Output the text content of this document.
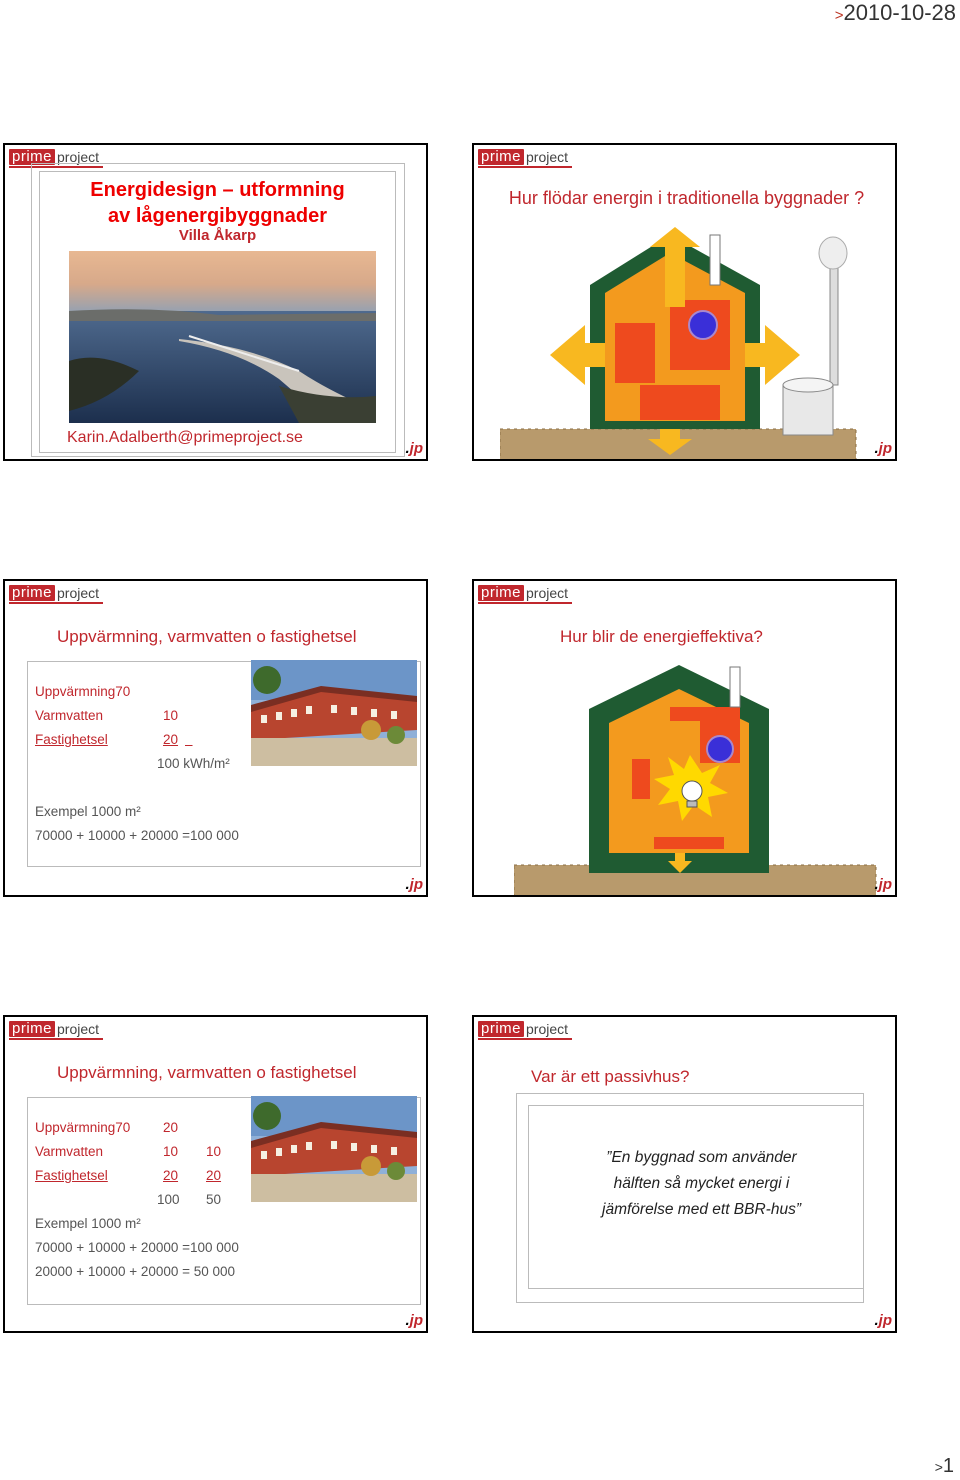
>2010-10-28
prime project
Energidesign – utformning
av lågenergibyggnader
Villa Åkarp
Karin.Adalberth@primeproject.se
.jp
prime project
Hur flödar energin i traditionella byggnader ?
.jp
prime project
Uppvärmning, varmvatten o fastighetsel
Uppvärmning70
Varmvatten	10
Fastighetsel	20

100 kWh/m²
Exempel 1000 m²
70000 + 10000 + 20000 =100 000
.jp
prime project
Hur blir de energieffektiva?
.jp
prime project
Uppvärmning, varmvatten o fastighetsel
Uppvärmning70 20
Varmvatten	10 10
Fastighetsel	20 20
100 50
Exempel 1000 m²
70000 + 10000 + 20000 =100 000
20000 + 10000 + 20000 = 50 000
.jp
prime project
Var är ett passivhus?
”En byggnad som använder
hälften så mycket energi i
jämförelse med ett BBR-hus”
.jp
>1
